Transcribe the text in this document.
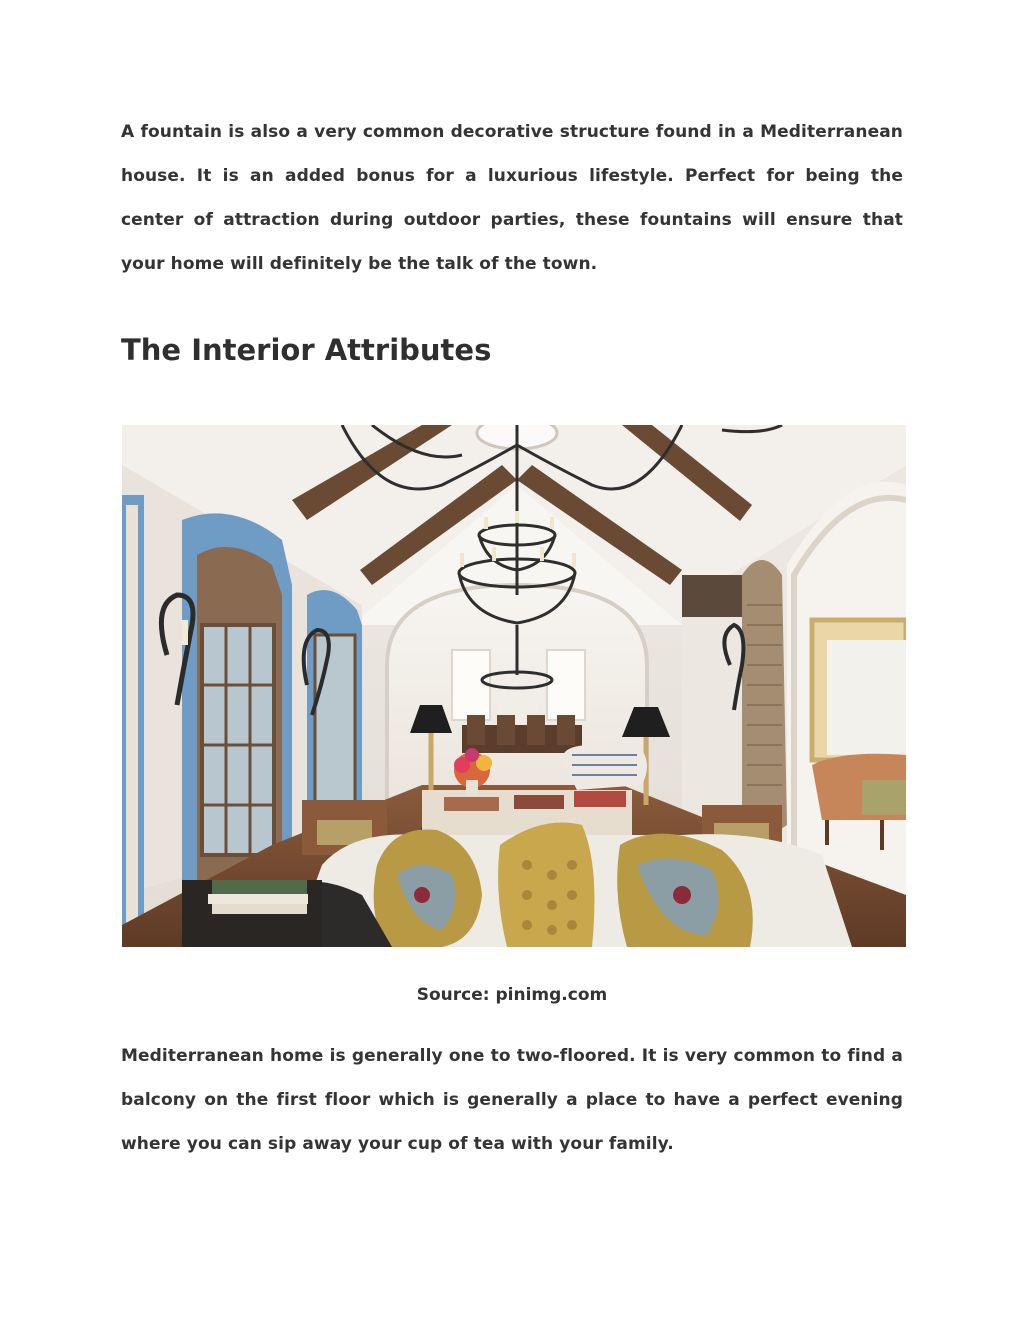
A fountain is also a very common decorative structure found in a Mediterranean house. It is an added bonus for a luxurious lifestyle. Perfect for being the center of attraction during outdoor parties, these fountains will ensure that your home will definitely be the talk of the town.

The Interior Attributes

Source: pinimg.com

Mediterranean home is generally one to two-floored. It is very common to find a balcony on the first floor which is generally a place to have a perfect evening where you can sip away your cup of tea with your family.
